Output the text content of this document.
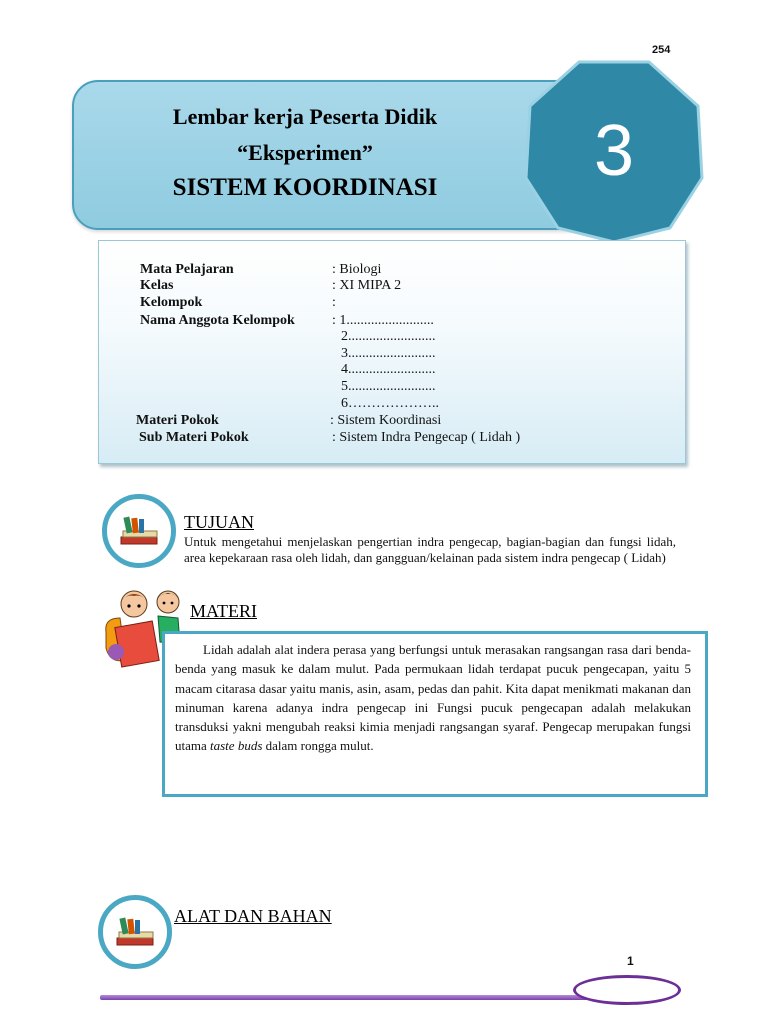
254
Lembar kerja Peserta Didik
“Eksperimen”
SISTEM KOORDINASI	3
Mata Pelajaran	: Biologi
Kelas	: XI MIPA 2
Kelompok	:
Nama Anggota Kelompok	: 1.........................
2.........................
3.........................
4.........................
5.........................
6………………..
Materi Pokok	: Sistem Koordinasi
Sub Materi Pokok	: Sistem Indra Pengecap ( Lidah )
TUJUAN
Untuk mengetahui menjelaskan pengertian indra pengecap, bagian-bagian dan fungsi lidah, area kepekaraan rasa oleh lidah, dan gangguan/kelainan pada sistem indra pengecap ( Lidah)
MATERI
Lidah adalah alat indera perasa yang berfungsi untuk merasakan rangsangan rasa dari benda-benda yang masuk ke dalam mulut. Pada permukaan lidah terdapat pucuk pengecapan, yaitu 5 macam citarasa dasar yaitu manis, asin, asam, pedas dan pahit. Kita dapat menikmati makanan dan minuman karena adanya indra pengecap ini Fungsi pucuk pengecapan adalah melakukan transduksi yakni mengubah reaksi kimia menjadi rangsangan syaraf. Pengecap merupakan fungsi utama taste buds dalam rongga mulut.
ALAT DAN BAHAN
1
